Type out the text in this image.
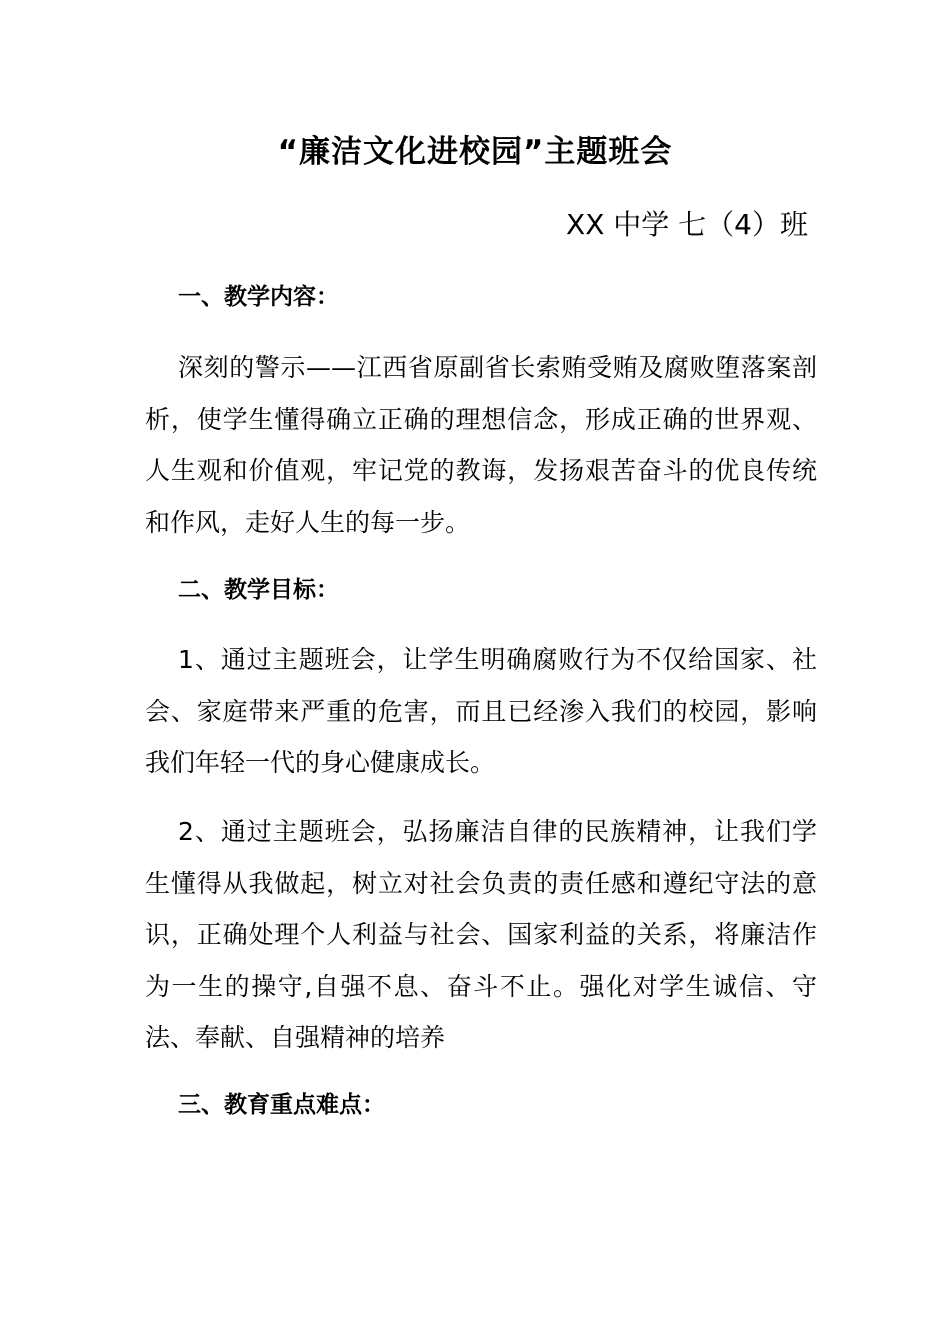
“廉洁文化进校园”主题班会
XX 中学 七（4）班
一、教学内容：

深刻的警示——江西省原副省长索贿受贿及腐败堕落案剖析，使学生懂得确立正确的理想信念，形成正确的世界观、人生观和价值观，牢记党的教诲，发扬艰苦奋斗的优良传统和作风，走好人生的每一步。

二、教学目标：

1、通过主题班会，让学生明确腐败行为不仅给国家、社会、家庭带来严重的危害，而且已经渗入我们的校园，影响我们年轻一代的身心健康成长。

2、通过主题班会，弘扬廉洁自律的民族精神，让我们学生懂得从我做起，树立对社会负责的责任感和遵纪守法的意识，正确处理个人利益与社会、国家利益的关系，将廉洁作为一生的操守,自强不息、奋斗不止。强化对学生诚信、守法、奉献、自强精神的培养

三、教育重点难点：
